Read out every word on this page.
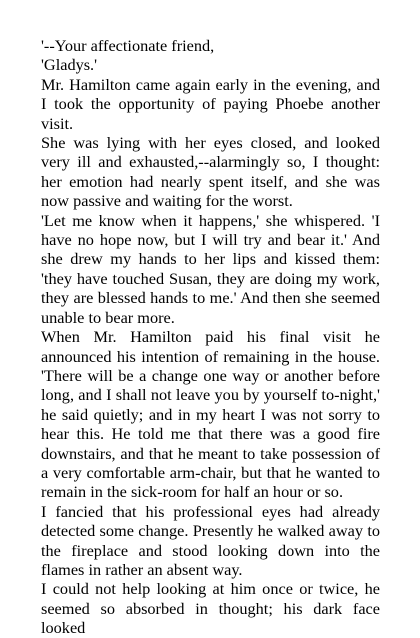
'--Your affectionate friend,

'Gladys.'

Mr. Hamilton came again early in the evening, and I took the opportunity of paying Phoebe another visit.

She was lying with her eyes closed, and looked very ill and exhausted,--alarmingly so, I thought: her emotion had nearly spent itself, and she was now passive and waiting for the worst.

'Let me know when it happens,' she whispered. 'I have no hope now, but I will try and bear it.' And she drew my hands to her lips and kissed them: 'they have touched Susan, they are doing my work, they are blessed hands to me.' And then she seemed unable to bear more.

When Mr. Hamilton paid his final visit he announced his intention of remaining in the house. 'There will be a change one way or another before long, and I shall not leave you by yourself to-night,' he said quietly; and in my heart I was not sorry to hear this. He told me that there was a good fire downstairs, and that he meant to take possession of a very comfortable arm-chair, but that he wanted to remain in the sick-room for half an hour or so.

I fancied that his professional eyes had already detected some change. Presently he walked away to the fireplace and stood looking down into the flames in rather an absent way.

I could not help looking at him once or twice, he seemed so absorbed in thought; his dark face looked
